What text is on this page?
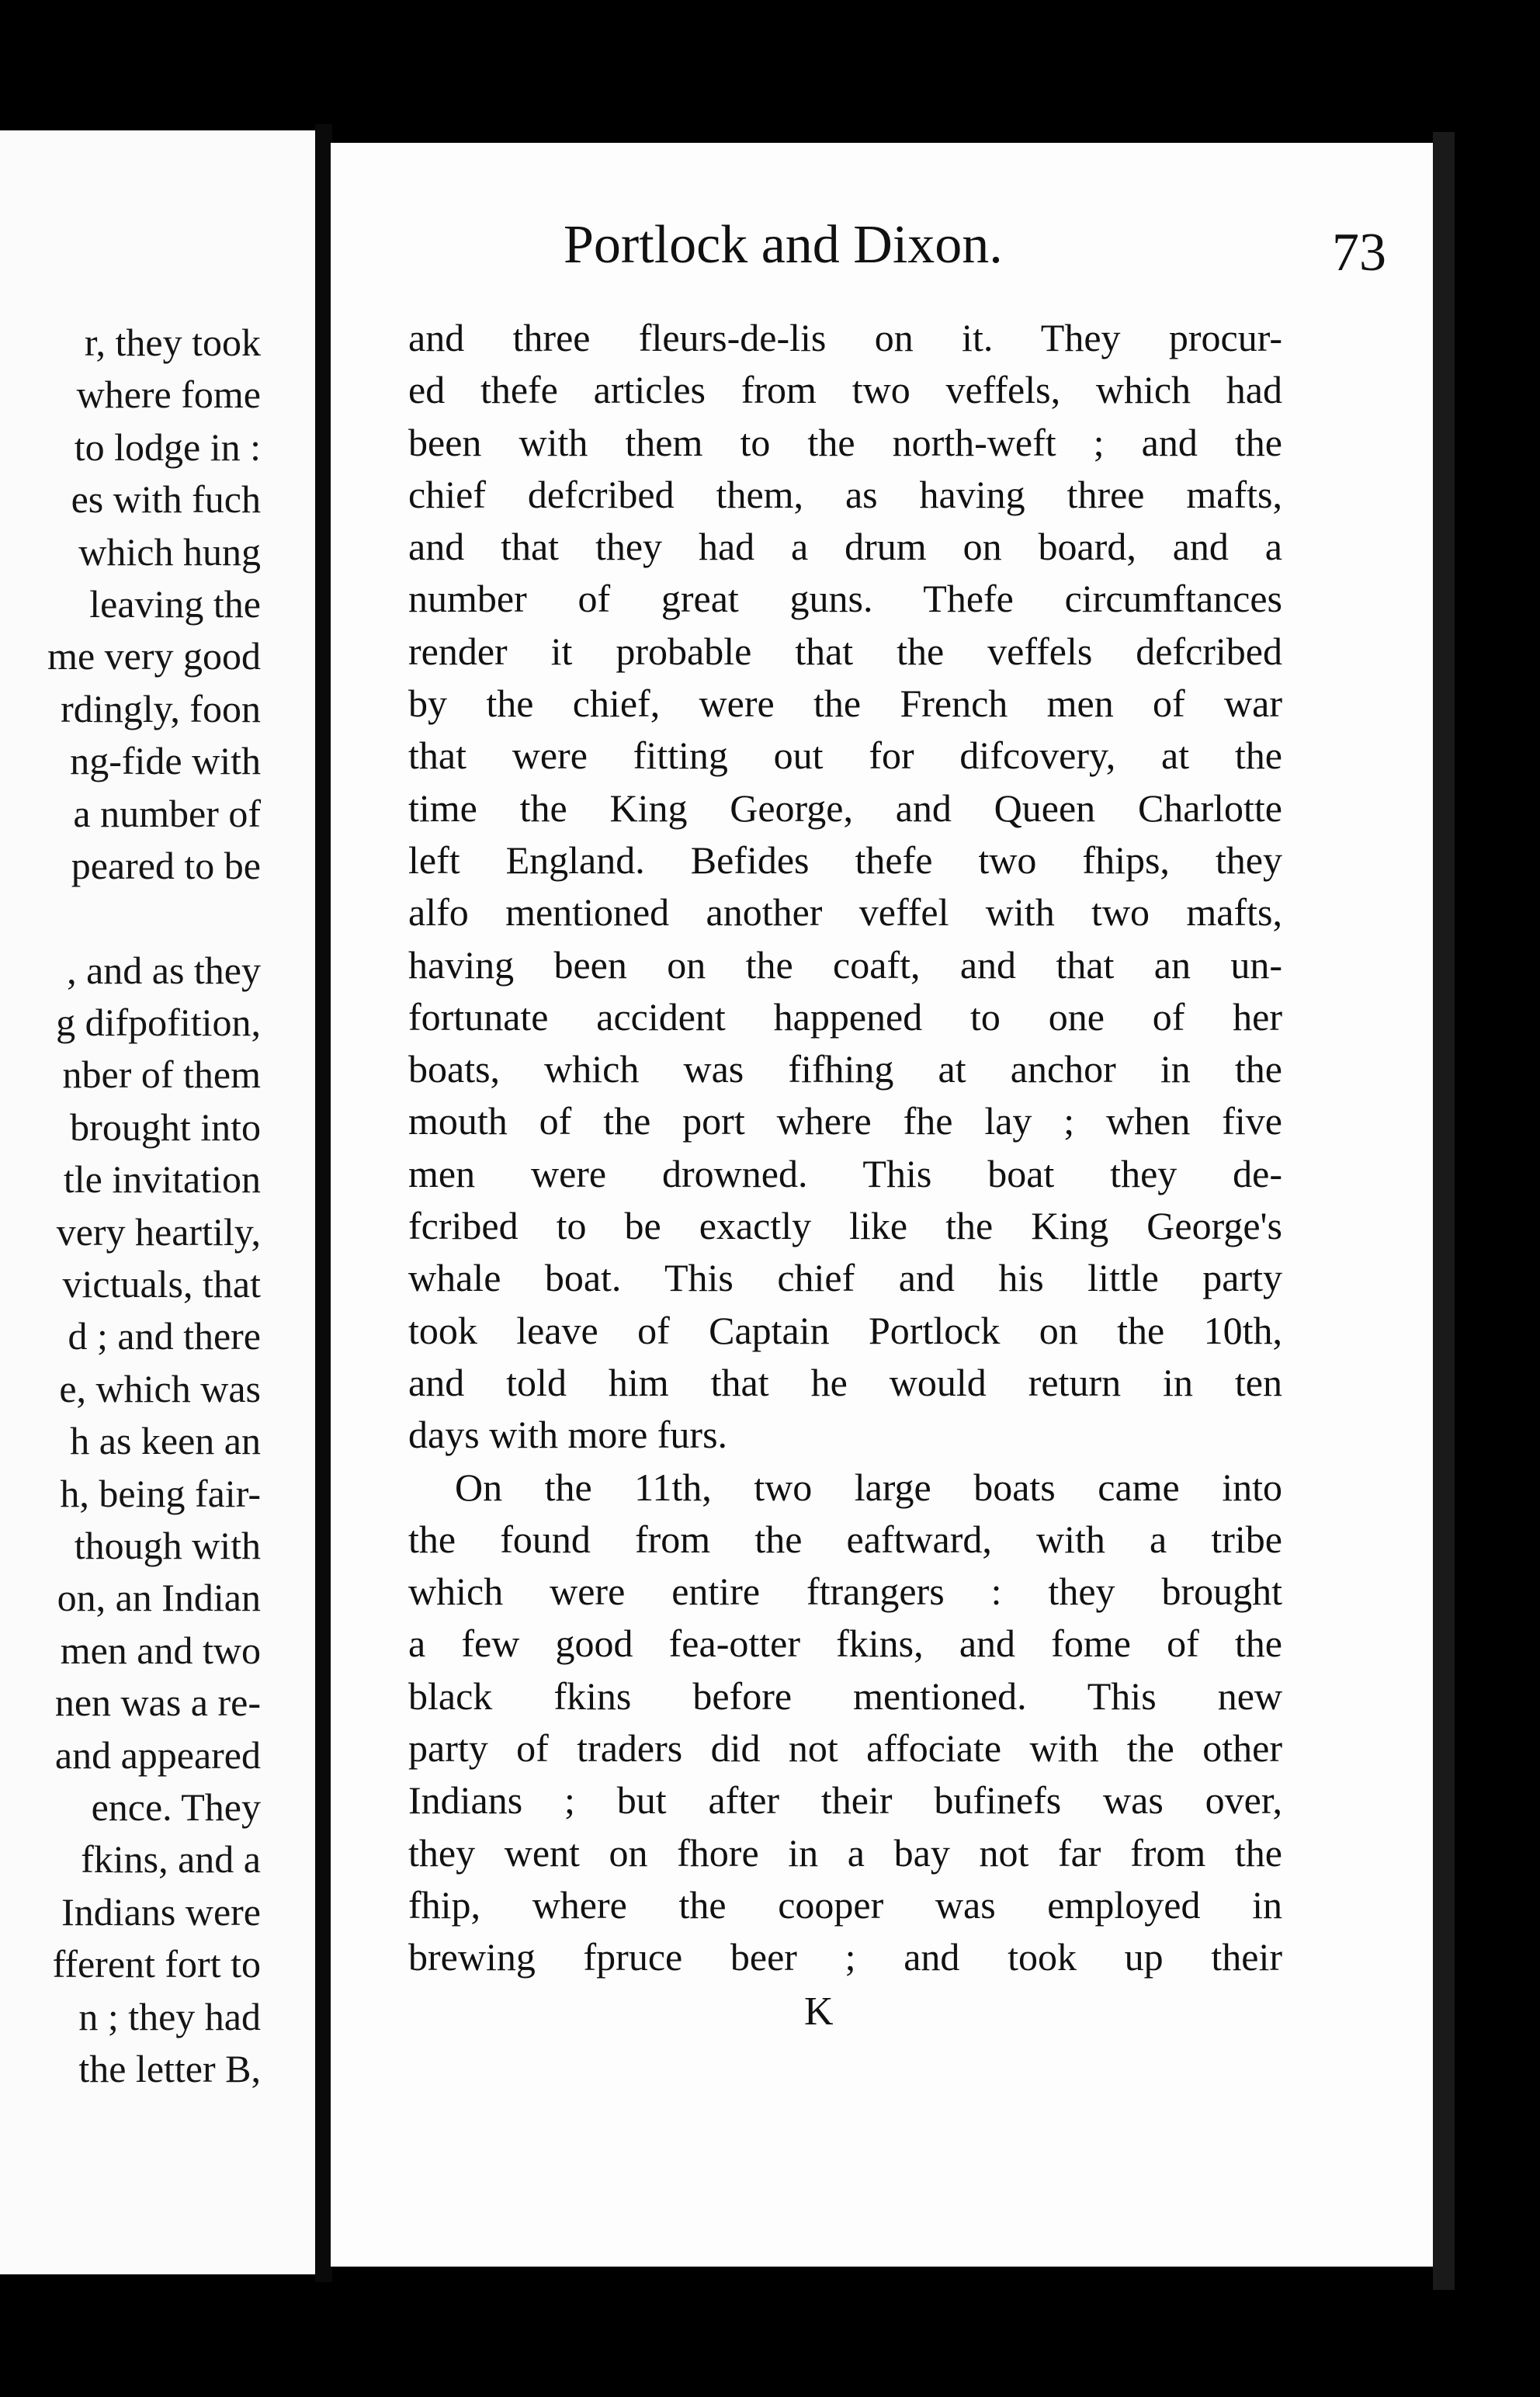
r, they took
where fome
to lodge in :
es with fuch
which hung
leaving the
me very good
rdingly, foon
ng-fide with
a number of
peared to be
, and as they
g difpofition,
nber of them
brought into
tle invitation
very heartily,
victuals, that
d ; and there
e, which was
h as keen an
h, being fair-
though with
on, an Indian
men and two
nen was a re-
and appeared
ence. They
fkins, and a
Indians were
fferent fort to
n ; they had
the letter B,
Portlock and Dixon.	73
and three fleurs-de-lis on it. They procur-
ed thefe articles from two veffels, which had
been with them to the north-weft ; and the
chief defcribed them, as having three mafts,
and that they had a drum on board, and a
number of great guns. Thefe circumftances
render it probable that the veffels defcribed
by the chief, were the French men of war
that were fitting out for difcovery, at the
time the King George, and Queen Charlotte
left England. Befides thefe two fhips, they
alfo mentioned another veffel with two mafts,
having been on the coaft, and that an un-
fortunate accident happened to one of her
boats, which was fifhing at anchor in the
mouth of the port where fhe lay ; when five
men were drowned. This boat they de-
fcribed to be exactly like the King George's
whale boat. This chief and his little party
took leave of Captain Portlock on the 10th,
and told him that he would return in ten
days with more furs.
On the 11th, two large boats came into
the found from the eaftward, with a tribe
which were entire ftrangers : they brought
a few good fea-otter fkins, and fome of the
black fkins before mentioned. This new
party of traders did not affociate with the other
Indians ; but after their bufinefs was over,
they went on fhore in a bay not far from the
fhip, where the cooper was employed in
brewing fpruce beer ; and took up their
K
